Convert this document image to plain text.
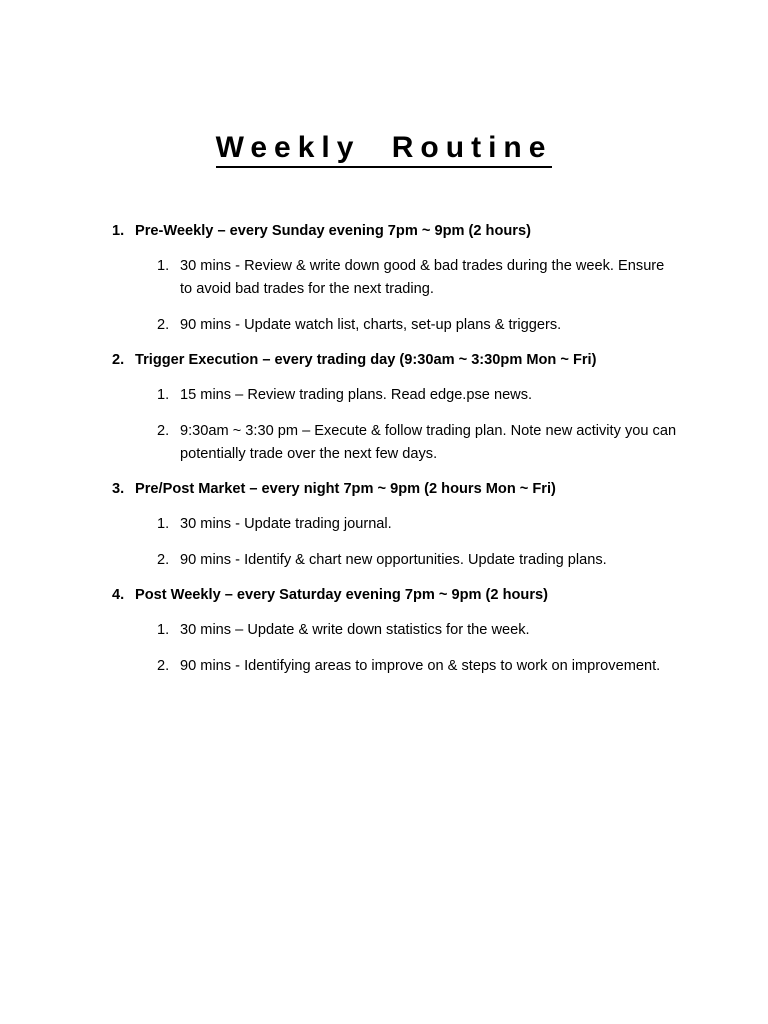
Weekly Routine
1. Pre-Weekly – every Sunday evening 7pm ~ 9pm (2 hours)
1. 30 mins - Review & write down good & bad trades during the week. Ensure to avoid bad trades for the next trading.
2. 90 mins - Update watch list, charts, set-up plans & triggers.
2. Trigger Execution – every trading day (9:30am ~ 3:30pm Mon ~ Fri)
1. 15 mins – Review trading plans. Read edge.pse news.
2. 9:30am ~ 3:30 pm – Execute & follow trading plan. Note new activity you can potentially trade over the next few days.
3. Pre/Post Market – every night 7pm ~ 9pm (2 hours Mon ~ Fri)
1. 30 mins - Update trading journal.
2. 90 mins - Identify & chart new opportunities. Update trading plans.
4. Post Weekly – every Saturday evening 7pm ~ 9pm (2 hours)
1. 30 mins – Update & write down statistics for the week.
2. 90 mins - Identifying areas to improve on & steps to work on improvement.
